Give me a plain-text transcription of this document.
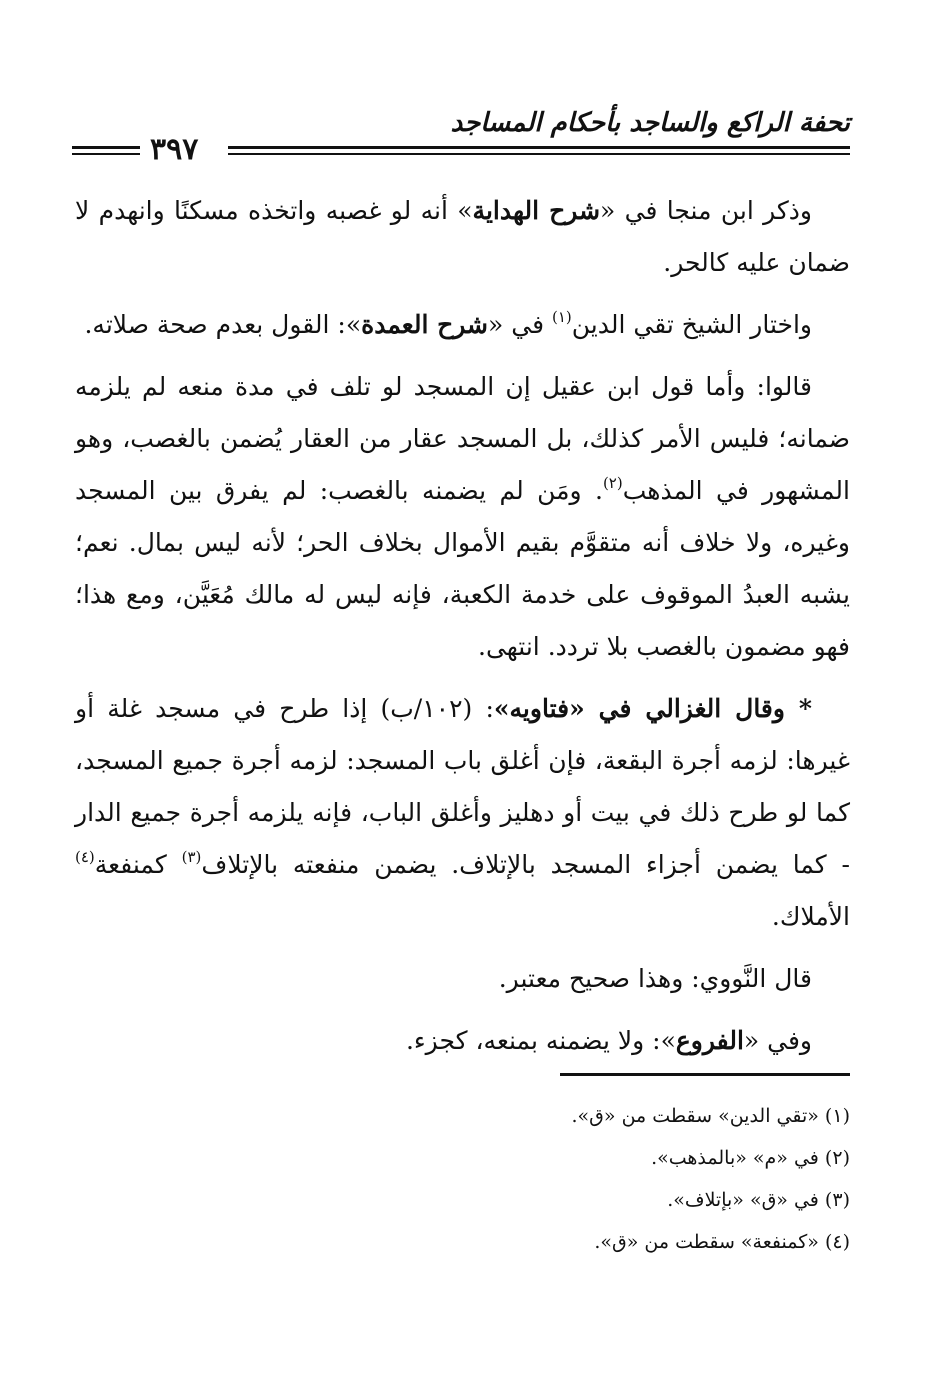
تحفة الراكع والساجد بأحكام المساجد
٣٩٧

وذكر ابن منجا في «شرح الهداية» أنه لو غصبه واتخذه مسكنًا وانهدم لا ضمان عليه كالحر.

واختار الشيخ تقي الدين$^{(١)}$ في «شرح العمدة»: القول بعدم صحة صلاته.

قالوا: وأما قول ابن عقيل إن المسجد لو تلف في مدة منعه لم يلزمه ضمانه؛ فليس الأمر كذلك، بل المسجد عقار من العقار يُضمن بالغصب، وهو المشهور في المذهب$^{(٢)}$. ومَن لم يضمنه بالغصب: لم يفرق بين المسجد وغيره، ولا خلاف أنه متقوَّم بقيم الأموال بخلاف الحر؛ لأنه ليس بمال. نعم؛ يشبه العبدُ الموقوف على خدمة الكعبة، فإنه ليس له مالك مُعَيَّن، ومع هذا؛ فهو مضمون بالغصب بلا تردد. انتهى.

* وقال الغزالي في «فتاويه»: (١٠٢/ب) إذا طرح في مسجد غلة أو غيرها: لزمه أجرة البقعة، فإن أغلق باب المسجد: لزمه أجرة جميع المسجد، كما لو طرح ذلك في بيت أو دهليز وأغلق الباب، فإنه يلزمه أجرة جميع الدار - كما يضمن أجزاء المسجد بالإتلاف. يضمن منفعته بالإتلاف$^{(٣)}$ كمنفعة$^{(٤)}$ الأملاك.

قال النَّووي: وهذا صحيح معتبر.

وفي «الفروع»: ولا يضمنه بمنعه، كجزء.

(١) «تقي الدين» سقطت من «ق».
(٢) في «م» «بالمذهب».
(٣) في «ق» «بإتلاف».
(٤) «كمنفعة» سقطت من «ق».
